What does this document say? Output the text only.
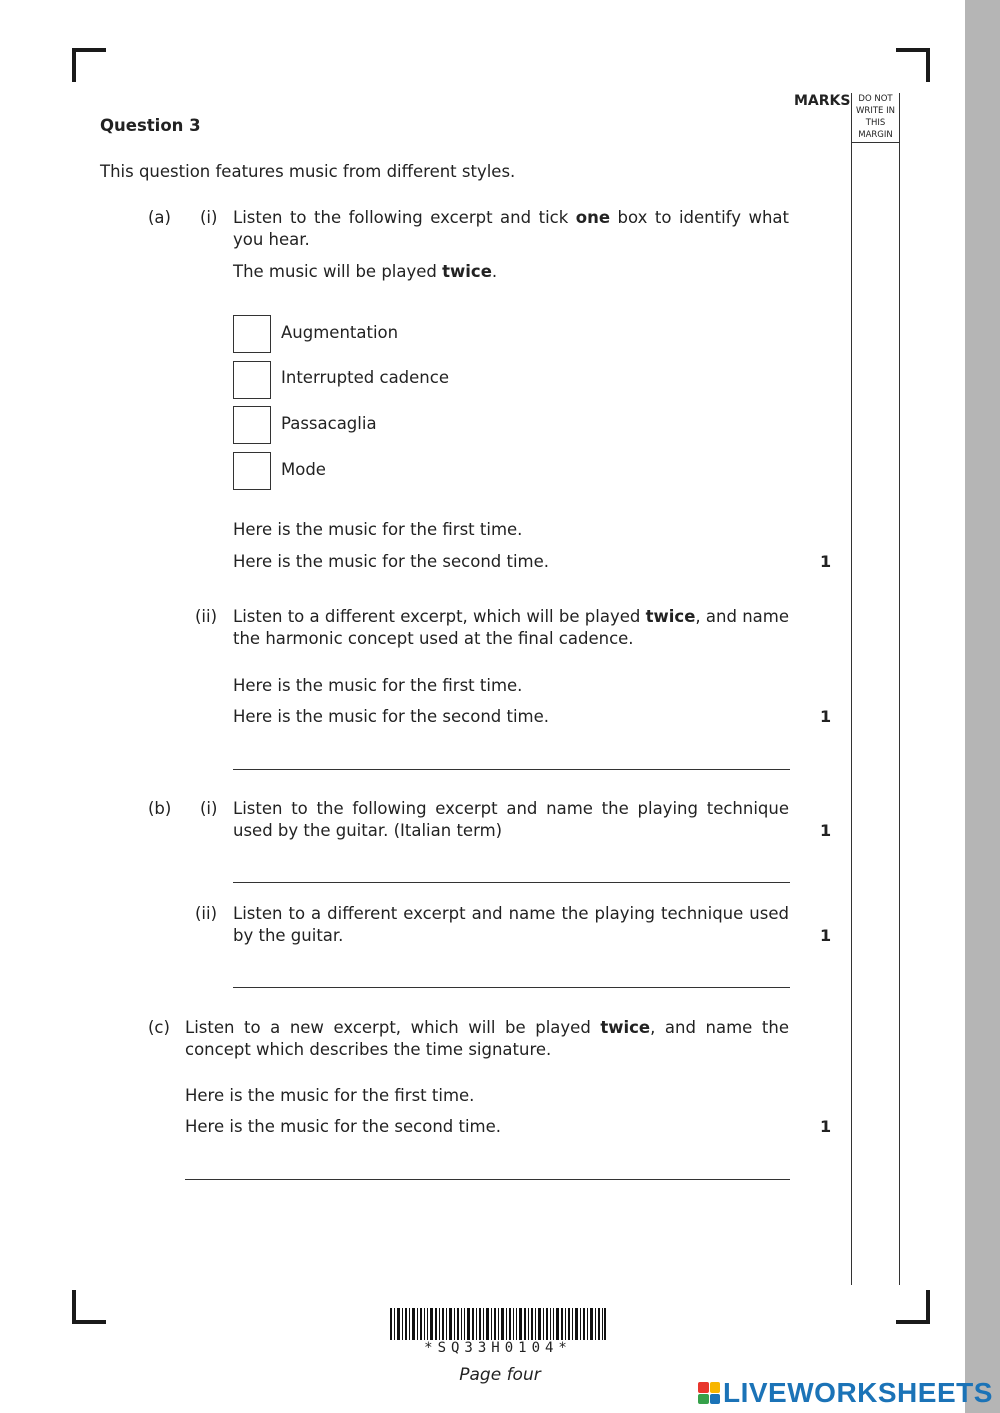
MARKS DO NOT
WRITE IN
THIS
MARGIN
Question 3
This question features music from different styles.
(a) (i) Listen to the following excerpt and tick one box to identify what you hear.
The music will be played twice.
Augmentation
Interrupted cadence
Passacaglia
Mode
Here is the music for the first time.
Here is the music for the second time.	1
(ii) Listen to a different excerpt, which will be played twice, and name the harmonic concept used at the final cadence.
Here is the music for the first time.
Here is the music for the second time.	1
(b) (i) Listen to the following excerpt and name the playing technique used by the guitar. (Italian term)	1
(ii) Listen to a different excerpt and name the playing technique used by the guitar.	1
(c) Listen to a new excerpt, which will be played twice, and name the concept which describes the time signature.
Here is the music for the first time.
Here is the music for the second time.	1
*SQ33H0104*
Page four
LIVEWORKSHEETS
